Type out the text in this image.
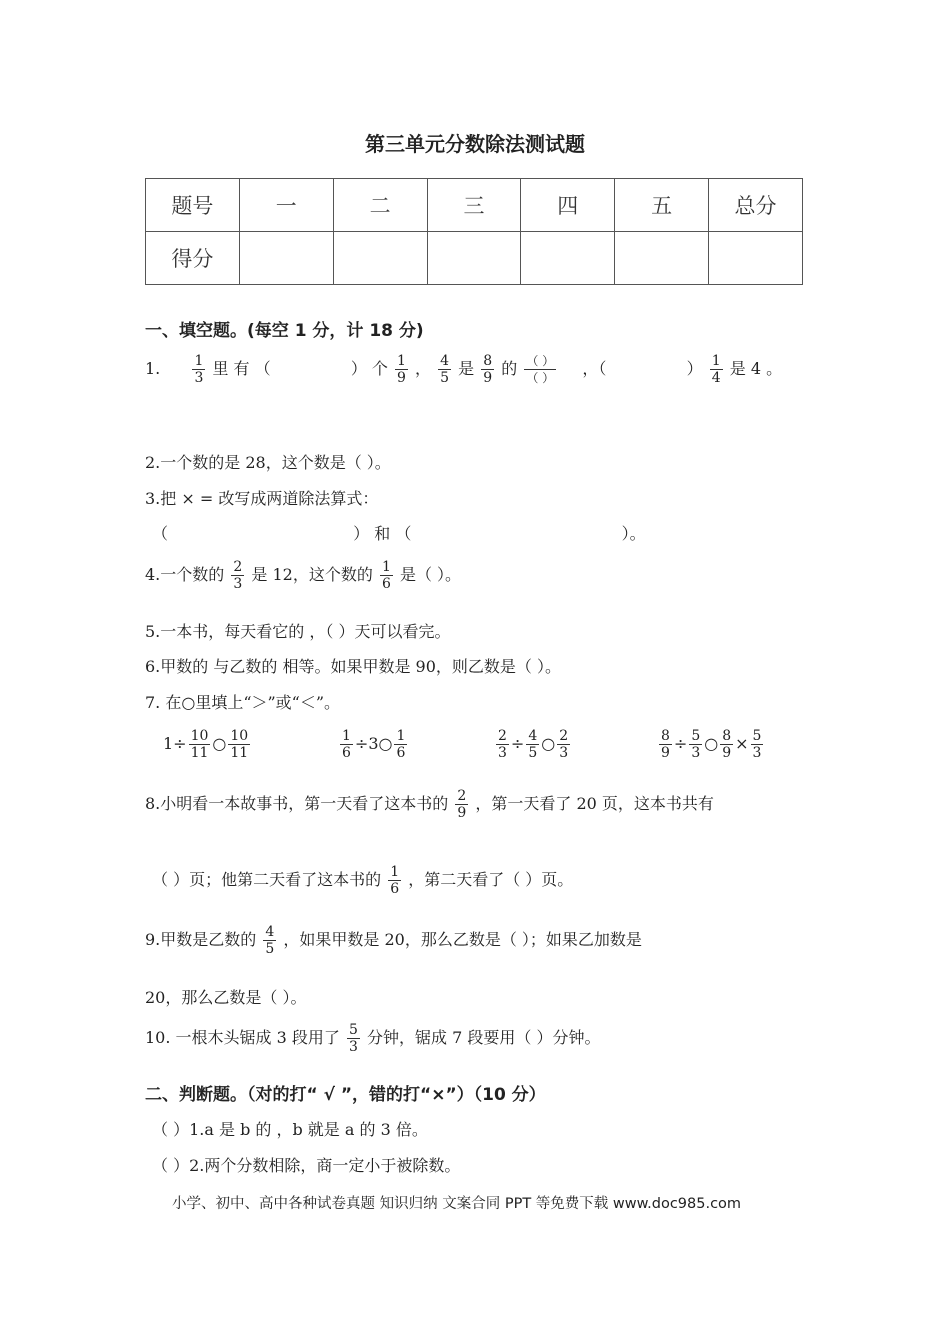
第三单元分数除法测试题
题号	一	二	三	四	五	总分
得分						
一、填空题。(每空 1 分，计 18 分)
1. $\frac{1}{3}$ 里 有 （	） 个 $\frac{1}{9}$ ， $\frac{4}{5}$ 是 $\frac{8}{9}$ 的 $\frac{( )}{( )}$ ，（	） $\frac{1}{4}$ 是 4 。
2.一个数的是 28，这个数是（ ）。
3.把 × = 改写成两道除法算式：
（	） 和 （	）。
4.一个数的 $\frac{2}{3}$ 是 12，这个数的 $\frac{1}{6}$ 是（ ）。
5.一本书，每天看它的 ，（ ）天可以看完。
6.甲数的 与乙数的 相等。如果甲数是 90，则乙数是（ ）。
7. 在○里填上“＞”或“＜”。
$1\div \frac{10}{11}$ ○ $\frac{10}{11}$	$\frac{1}{6}$ ÷3○ $\frac{1}{6}$	$\frac{2}{3} \div \frac{4}{5}$ ○ $\frac{2}{3}$	$\frac{8}{9} \div \frac{5}{3}$ ○ $\frac{8}{9} \times \frac{5}{3}$
8.小明看一本故事书，第一天看了这本书的 $\frac{2}{9}$ ，第一天看了 20 页，这本书共有
（ ）页；他第二天看了这本书的 $\frac{1}{6}$ ，第二天看了（ ）页。
9.甲数是乙数的 $\frac{4}{5}$ ，如果甲数是 20，那么乙数是（ ）；如果乙加数是
20，那么乙数是（ ）。
10. 一根木头锯成 3 段用了 $\frac{5}{3}$ 分钟，锯成 7 段要用（ ）分钟。
二、判断题。（对的打“ √ ”，错的打“×”）（10 分）
（ ）1.a 是 b 的 ，b 就是 a 的 3 倍。
（ ）2.两个分数相除，商一定小于被除数。
小学、初中、高中各种试卷真题 知识归纳 文案合同 PPT 等免费下载 www.doc985.com
